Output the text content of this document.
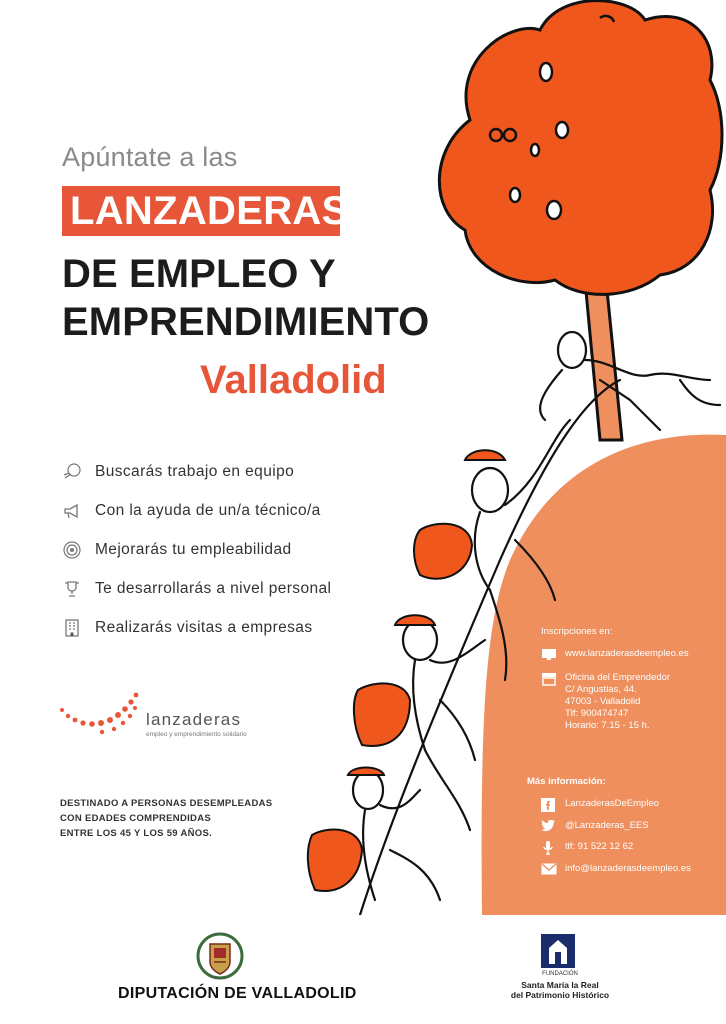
Apúntate a las
LANZADERAS
DE EMPLEO Y
EMPRENDIMIENTO
Valladolid
Buscarás trabajo en equipo
Con la ayuda de un/a técnico/a
Mejorarás tu empleabilidad
Te desarrollarás a nivel personal
Realizarás visitas a empresas
lanzaderas
empleo y emprendimiento solidario
DESTINADO A PERSONAS DESEMPLEADAS
CON EDADES COMPRENDIDAS
ENTRE LOS 45 Y LOS 59 AÑOS.
Inscripciones en:
www.lanzaderasdeempleo.es
Oficina del Emprendedor
C/ Angustias, 44.
47003 - Valladolid
Tlf: 900474747
Horario: 7.15 - 15 h.
Más información:
LanzaderasDeEmpleo
@Lanzaderas_EES
tlf: 91 522 12 62
info@lanzaderasdeempleo.es
DIPUTACIÓN DE VALLADOLID
FUNDACIÓN
Santa María la Real
del Patrimonio Histórico
